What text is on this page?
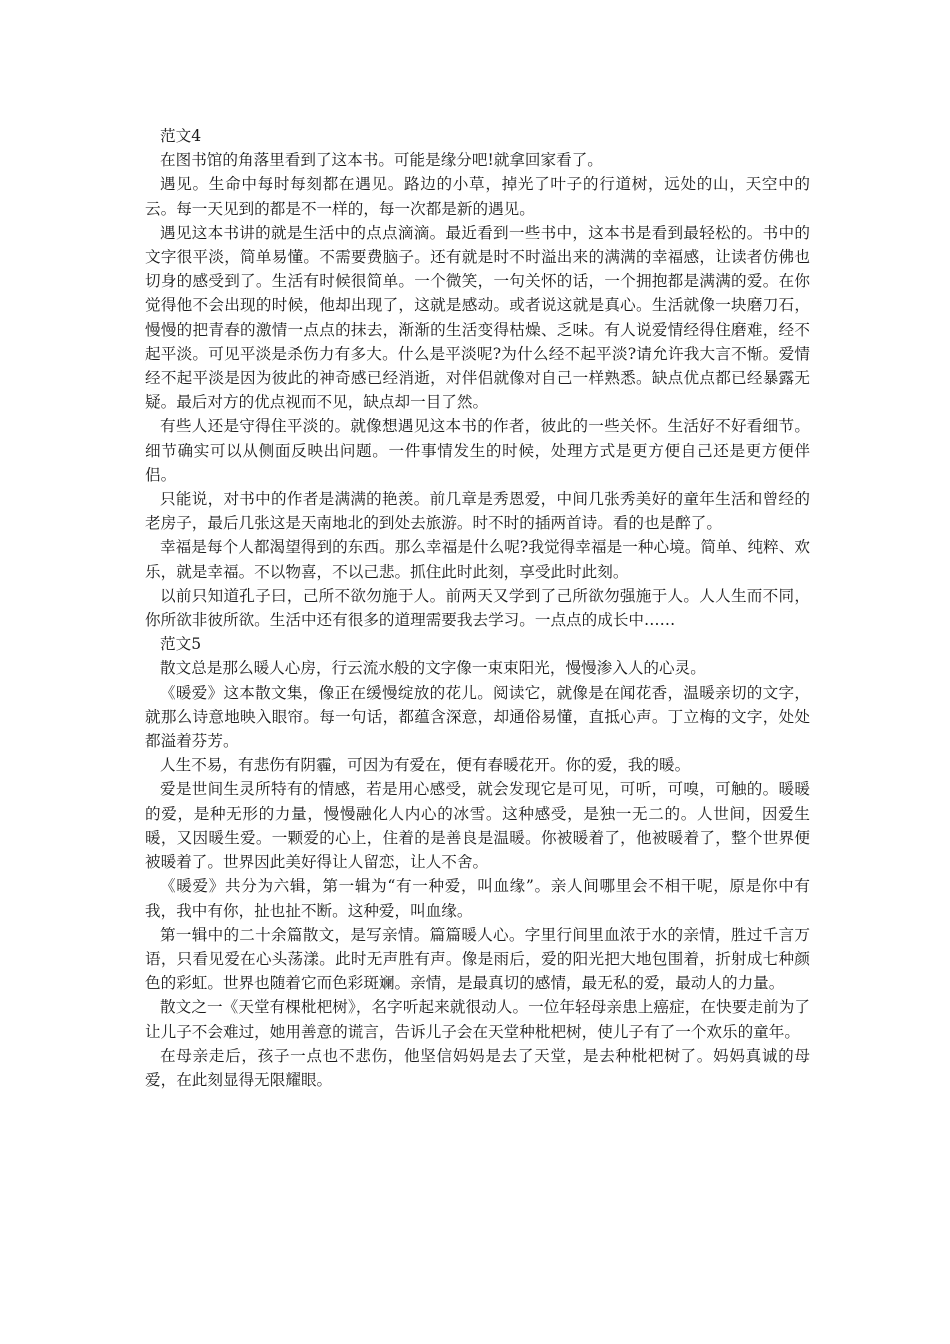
范文4

在图书馆的角落里看到了这本书。可能是缘分吧!就拿回家看了。

遇见。生命中每时每刻都在遇见。路边的小草，掉光了叶子的行道树，远处的山，天空中的云。每一天见到的都是不一样的，每一次都是新的遇见。

遇见这本书讲的就是生活中的点点滴滴。最近看到一些书中，这本书是看到最轻松的。书中的文字很平淡，简单易懂。不需要费脑子。还有就是时不时溢出来的满满的幸福感，让读者仿佛也切身的感受到了。生活有时候很简单。一个微笑，一句关怀的话，一个拥抱都是满满的爱。在你觉得他不会出现的时候，他却出现了，这就是感动。或者说这就是真心。生活就像一块磨刀石，慢慢的把青春的激情一点点的抹去，渐渐的生活变得枯燥、乏味。有人说爱情经得住磨难，经不起平淡。可见平淡是杀伤力有多大。什么是平淡呢?为什么经不起平淡?请允许我大言不惭。爱情经不起平淡是因为彼此的神奇感已经消逝，对伴侣就像对自己一样熟悉。缺点优点都已经暴露无疑。最后对方的优点视而不见，缺点却一目了然。

有些人还是守得住平淡的。就像想遇见这本书的作者，彼此的一些关怀。生活好不好看细节。细节确实可以从侧面反映出问题。一件事情发生的时候，处理方式是更方便自己还是更方便伴侣。

只能说，对书中的作者是满满的艳羡。前几章是秀恩爱，中间几张秀美好的童年生活和曾经的老房子，最后几张这是天南地北的到处去旅游。时不时的插两首诗。看的也是醉了。

幸福是每个人都渴望得到的东西。那么幸福是什么呢?我觉得幸福是一种心境。简单、纯粹、欢乐，就是幸福。不以物喜，不以己悲。抓住此时此刻，享受此时此刻。

以前只知道孔子曰，己所不欲勿施于人。前两天又学到了己所欲勿强施于人。人人生而不同，你所欲非彼所欲。生活中还有很多的道理需要我去学习。一点点的成长中……

范文5

散文总是那么暖人心房，行云流水般的文字像一束束阳光，慢慢渗入人的心灵。

《暖爱》这本散文集，像正在缓慢绽放的花儿。阅读它，就像是在闻花香，温暖亲切的文字，就那么诗意地映入眼帘。每一句话，都蕴含深意，却通俗易懂，直抵心声。丁立梅的文字，处处都溢着芬芳。

人生不易，有悲伤有阴霾，可因为有爱在，便有春暖花开。你的爱，我的暖。

爱是世间生灵所特有的情感，若是用心感受，就会发现它是可见，可听，可嗅，可触的。暖暖的爱，是种无形的力量，慢慢融化人内心的冰雪。这种感受，是独一无二的。人世间，因爱生暖，又因暖生爱。一颗爱的心上，住着的是善良是温暖。你被暖着了，他被暖着了，整个世界便被暖着了。世界因此美好得让人留恋，让人不舍。

《暖爱》共分为六辑，第一辑为“有一种爱，叫血缘”。亲人间哪里会不相干呢，原是你中有我，我中有你，扯也扯不断。这种爱，叫血缘。

第一辑中的二十余篇散文，是写亲情。篇篇暖人心。字里行间里血浓于水的亲情，胜过千言万语，只看见爱在心头荡漾。此时无声胜有声。像是雨后，爱的阳光把大地包围着，折射成七种颜色的彩虹。世界也随着它而色彩斑斓。亲情，是最真切的感情，最无私的爱，最动人的力量。

散文之一《天堂有棵枇杷树》，名字听起来就很动人。一位年轻母亲患上癌症，在快要走前为了让儿子不会难过，她用善意的谎言，告诉儿子会在天堂种枇杷树，使儿子有了一个欢乐的童年。

在母亲走后，孩子一点也不悲伤，他坚信妈妈是去了天堂，是去种枇杷树了。妈妈真诚的母爱，在此刻显得无限耀眼。
